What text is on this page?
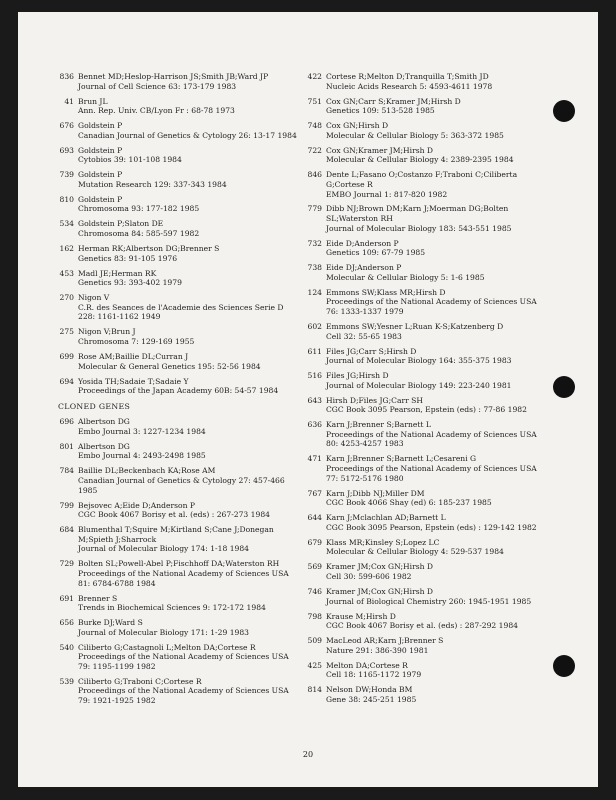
836 Bennet MD;Heslop-Harrison JS;Smith JB;Ward JP
Journal of Cell Science 63: 173-179 1983
41 Brun JL
Ann. Rep. Univ. CB/Lyon Fr : 68-78 1973
676 Goldstein P
Canadian Journal of Genetics & Cytology 26: 13-17 1984
693 Goldstein P
Cytobios 39: 101-108 1984
739 Goldstein P
Mutation Research 129: 337-343 1984
810 Goldstein P
Chromosoma 93: 177-182 1985
534 Goldstein P;Slaton DE
Chromosoma 84: 585-597 1982
162 Herman RK;Albertson DG;Brenner S
Genetics 83: 91-105 1976
453 Madl JE;Herman RK
Genetics 93: 393-402 1979
270 Nigon V
C.R. des Seances de l'Academie des Sciences Serie D
228: 1161-1162 1949
275 Nigon V;Brun J
Chromosoma 7: 129-169 1955
699 Rose AM;Baillie DL;Curran J
Molecular & General Genetics 195: 52-56 1984
694 Yosida TH;Sadaie T;Sadaie Y
Proceedings of the Japan Academy 60B: 54-57 1984
CLONED GENES
696 Albertson DG
Embo Journal 3: 1227-1234 1984
801 Albertson DG
Embo Journal 4: 2493-2498 1985
784 Baillie DL;Beckenbach KA;Rose AM
Canadian Journal of Genetics & Cytology 27: 457-466
1985
799 Bejsovec A;Eide D;Anderson P
CGC Book 4067 Borisy et al. (eds) : 267-273 1984
684 Blumenthal T;Squire M;Kirtland S;Cane J;Donegan
M;Spieth J;Sharrock
Journal of Molecular Biology 174: 1-18 1984
729 Bolten SL;Powell-Abel P;Fischhoff DA;Waterston RH
Proceedings of the National Academy of Sciences USA
81: 6784-6788 1984
691 Brenner S
Trends in Biochemical Sciences 9: 172-172 1984
656 Burke DJ;Ward S
Journal of Molecular Biology 171: 1-29 1983
540 Ciliberto G;Castagnoli L;Melton DA;Cortese R
Proceedings of the National Academy of Sciences USA
79: 1195-1199 1982
539 Ciliberto G;Traboni C;Cortese R
Proceedings of the National Academy of Sciences USA
79: 1921-1925 1982
422 Cortese R;Melton D;Tranquilla T;Smith JD
Nucleic Acids Research 5: 4593-4611 1978
751 Cox GN;Carr S;Kramer JM;Hirsh D
Genetics 109: 513-528 1985
748 Cox GN;Hirsh D
Molecular & Cellular Biology 5: 363-372 1985
722 Cox GN;Kramer JM;Hirsh D
Molecular & Cellular Biology 4: 2389-2395 1984
846 Dente L;Fasano O;Costanzo F;Traboni C;Ciliberta
G;Cortese R
EMBO Journal 1: 817-820 1982
779 Dibb NJ;Brown DM;Karn J;Moerman DG;Bolten
SL;Waterston RH
Journal of Molecular Biology 183: 543-551 1985
732 Eide D;Anderson P
Genetics 109: 67-79 1985
738 Eide DJ;Anderson P
Molecular & Cellular Biology 5: 1-6 1985
124 Emmons SW;Klass MR;Hirsh D
Proceedings of the National Academy of Sciences USA
76: 1333-1337 1979
602 Emmons SW;Yesner L;Ruan K-S;Katzenberg D
Cell 32: 55-65 1983
611 Files JG;Carr S;Hirsh D
Journal of Molecular Biology 164: 355-375 1983
516 Files JG;Hirsh D
Journal of Molecular Biology 149: 223-240 1981
643 Hirsh D;Files JG;Carr SH
CGC Book 3095 Pearson, Epstein (eds) : 77-86 1982
636 Karn J;Brenner S;Barnett L
Proceedings of the National Academy of Sciences USA
80: 4253-4257 1983
471 Karn J;Brenner S;Barnett L;Cesareni G
Proceedings of the National Academy of Sciences USA
77: 5172-5176 1980
767 Karn J;Dibb NJ;Miller DM
CGC Book 4066 Shay (ed) 6: 185-237 1985
644 Karn J;Mclachlan AD;Barnett L
CGC Book 3095 Pearson, Epstein (eds) : 129-142 1982
679 Klass MR;Kinsley S;Lopez LC
Molecular & Cellular Biology 4: 529-537 1984
569 Kramer JM;Cox GN;Hirsh D
Cell 30: 599-606 1982
746 Kramer JM;Cox GN;Hirsh D
Journal of Biological Chemistry 260: 1945-1951 1985
798 Krause M;Hirsh D
CGC Book 4067 Borisy et al. (eds) : 287-292 1984
509 MacLeod AR;Karn J;Brenner S
Nature 291: 386-390 1981
425 Melton DA;Cortese R
Cell 18: 1165-1172 1979
814 Nelson DW;Honda BM
Gene 38: 245-251 1985
20
